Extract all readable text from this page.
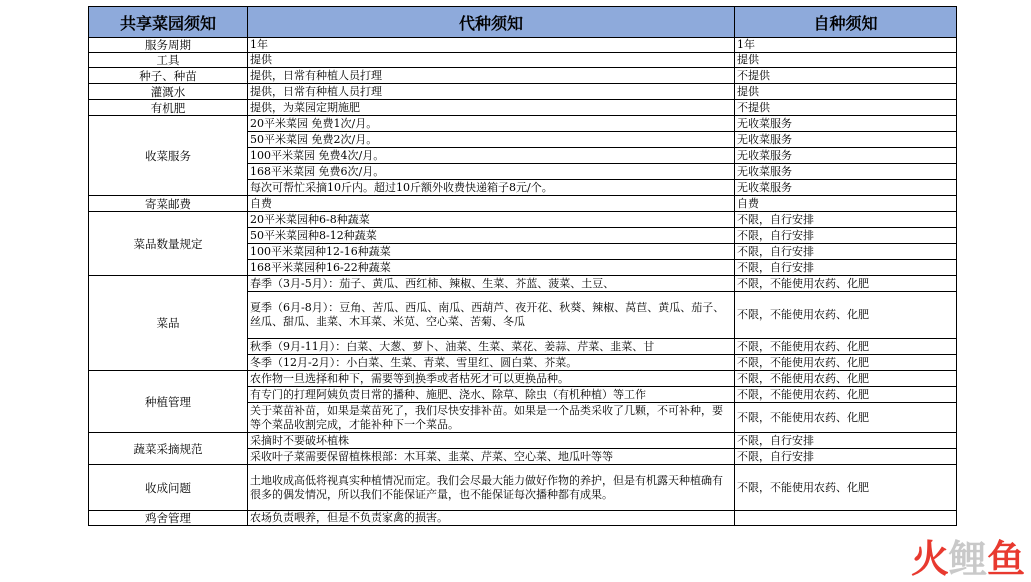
共享菜园须知	代种须知	自种须知
服务周期	1年	1年
工具	提供	提供
种子、种苗	提供，日常有种植人员打理	不提供
灌溉水	提供，日常有种植人员打理	提供
有机肥	提供，为菜园定期施肥	不提供
收菜服务	20平米菜园 免费1次/月。	无收菜服务
	50平米菜园 免费2次/月。	无收菜服务
	100平米菜园 免费4次/月。	无收菜服务
	168平米菜园 免费6次/月。	无收菜服务
	每次可帮忙采摘10斤内。超过10斤额外收费快递箱子8元/个。	无收菜服务
寄菜邮费	自费	自费
菜品数量规定	20平米菜园种6-8种蔬菜	不限，自行安排
	50平米菜园种8-12种蔬菜	不限，自行安排
	100平米菜园种12-16种蔬菜	不限，自行安排
	168平米菜园种16-22种蔬菜	不限，自行安排
菜品	春季（3月-5月）：茄子、黄瓜、西红柿、辣椒、生菜、芥蓝、菠菜、土豆、	不限，不能使用农药、化肥
	夏季（6月-8月）：豆角、苦瓜、西瓜、南瓜、西葫芦、夜开花、秋葵、辣椒、莴苣、黄瓜、茄子、丝瓜、甜瓜、韭菜、木耳菜、米苋、空心菜、苦菊、冬瓜	不限，不能使用农药、化肥
	秋季（9月-11月）：白菜、大葱、萝卜、油菜、生菜、菜花、姜蒜、芹菜、韭菜、甘	不限，不能使用农药、化肥
	冬季（12月-2月）：小白菜、生菜、青菜、雪里红、圆白菜、芥菜。	不限，不能使用农药、化肥
种植管理	农作物一旦选择和种下，需要等到换季或者枯死才可以更换品种。	不限，不能使用农药、化肥
	有专门的打理阿姨负责日常的播种、施肥、浇水、除草、除虫（有机种植）等工作	不限，不能使用农药、化肥
	关于菜苗补苗，如果是菜苗死了，我们尽快安排补苗。如果是一个品类采收了几颗，不可补种，要等个菜品收割完成，才能补种下一个菜品。	不限，不能使用农药、化肥
蔬菜采摘规范	采摘时不要破坏植株	不限，自行安排
	采收叶子菜需要保留植株根部：木耳菜、韭菜、芹菜、空心菜、地瓜叶等等	不限，自行安排
收成问题	土地收成高低将视真实种植情况而定。我们会尽最大能力做好作物的养护，但是有机露天种植确有很多的偶发情况，所以我们不能保证产量，也不能保证每次播种都有成果。	不限，不能使用农药、化肥
鸡舍管理	农场负责喂养，但是不负责家禽的损害。	
火 鲤 鱼
